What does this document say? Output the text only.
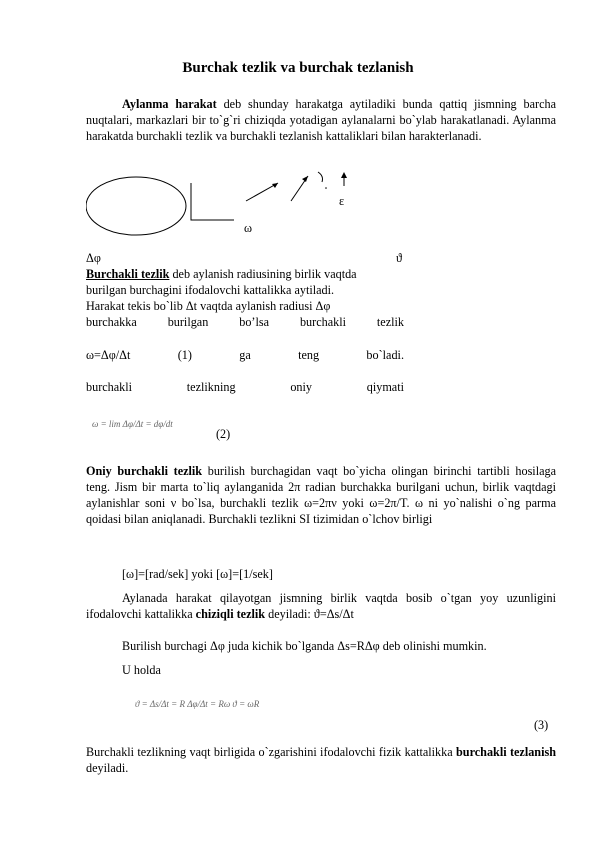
Burchak tezlik va burchak tezlanish
Aylanma harakat deb shunday harakatga aytiladiki bunda qattiq jismning barcha nuqtalari, markazlari bir to`g`ri chiziqda yotadigan aylanalarni bo`ylab harakatlanadi. Aylanma harakatda burchakli tezlik va burchakli tezlanish kattaliklari bilan harakterlanadi.
ε
ω
Δφ	ϑ
Burchakli tezlik deb aylanish radiusining birlik vaqtda
burilgan burchagini ifodalovchi kattalikka aytiladi.
Harakat tekis bo`lib Δt vaqtda aylanish radiusi Δφ
burchakka	burilgan	bo’lsa	burchakli	tezlik
ω=Δφ/Δt	(1)	ga	teng	bo`ladi.
burchakli	tezlikning	oniy	qiymati
ω = lim Δφ/Δt = dφ/dt
(2)
Oniy burchakli tezlik burilish burchagidan vaqt bo`yicha olingan birinchi tartibli hosilaga teng. Jism bir marta to`liq aylanganida 2π radian burchakka burilgani uchun, birlik vaqtdagi aylanishlar soni ν bo`lsa, burchakli tezlik ω=2πν yoki ω=2π/T. ω ni yo`nalishi o`ng parma qoidasi bilan aniqlanadi. Burchakli tezlikni SI tizimidan o`lchov birligi
[ω]=[rad/sek] yoki [ω]=[1/sek]
Aylanada harakat qilayotgan jismning birlik vaqtda bosib o`tgan yoy uzunligini ifodalovchi kattalikka chiziqli tezlik deyiladi: ϑ=Δs/Δt
Burilish burchagi Δφ juda kichik bo`lganda Δs=RΔφ deb olinishi mumkin.
U holda
ϑ = Δs/Δt = R Δφ/Δt = Rω ϑ = ωR
(3)
Burchakli tezlikning vaqt birligida o`zgarishini ifodalovchi fizik kattalikka burchakli tezlanish deyiladi.
